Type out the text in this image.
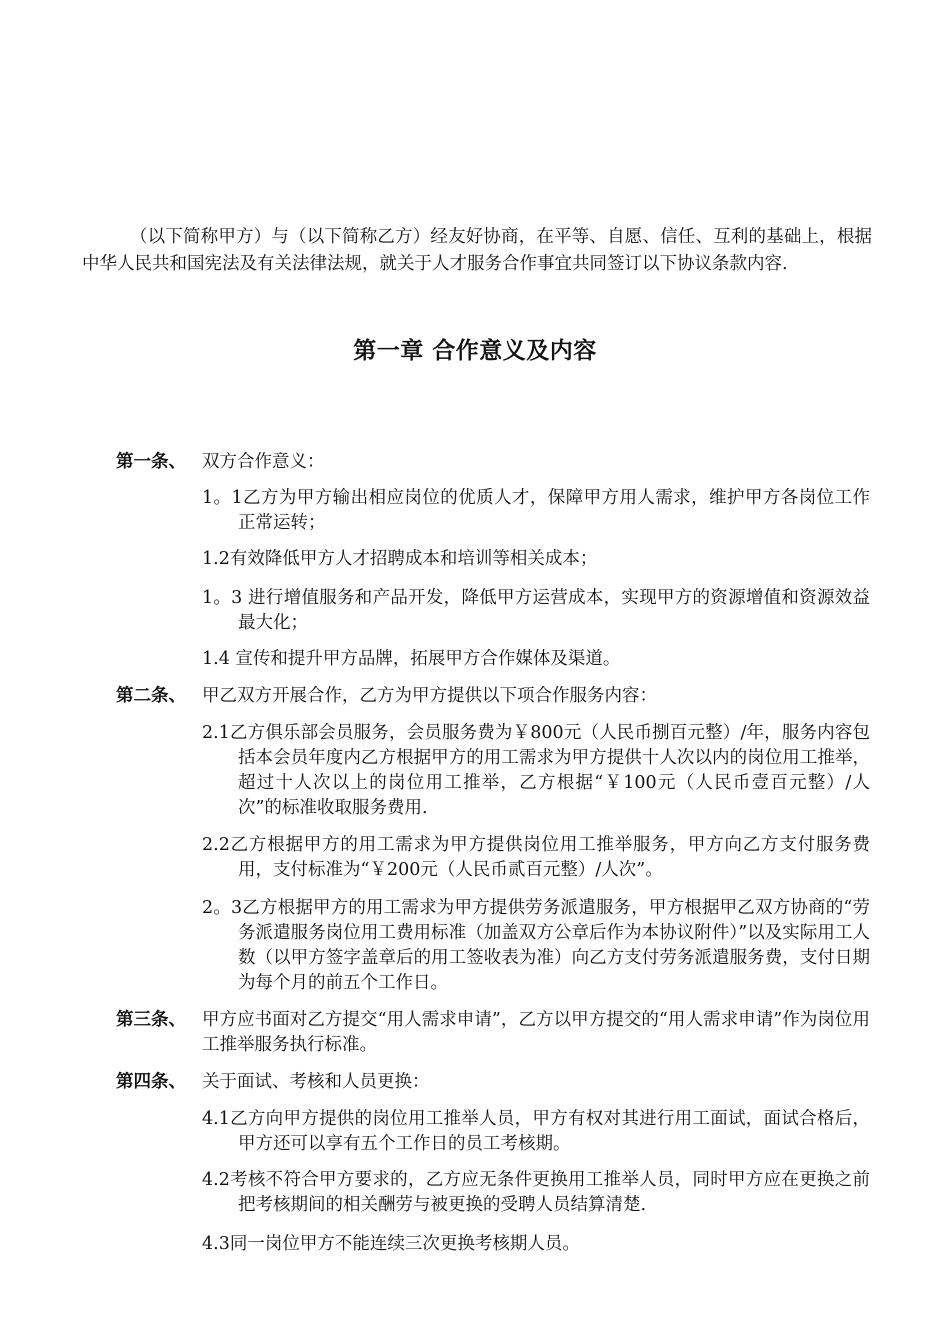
（以下简称甲方）与（以下简称乙方）经友好协商，在平等、自愿、信任、互利的基础上，根据中华人民共和国宪法及有关法律法规，就关于人才服务合作事宜共同签订以下协议条款内容.

第一章 合作意义及内容
第一条、 双方合作意义：
1。1乙方为甲方输出相应岗位的优质人才，保障甲方用人需求，维护甲方各岗位工作正常运转；
1.2有效降低甲方人才招聘成本和培训等相关成本；
1。3 进行增值服务和产品开发，降低甲方运营成本，实现甲方的资源增值和资源效益最大化；
1.4 宣传和提升甲方品牌，拓展甲方合作媒体及渠道。
第二条、 甲乙双方开展合作，乙方为甲方提供以下项合作服务内容：
2.1乙方俱乐部会员服务，会员服务费为￥800元（人民币捌百元整）/年，服务内容包括本会员年度内乙方根据甲方的用工需求为甲方提供十人次以内的岗位用工推举，超过十人次以上的岗位用工推举，乙方根据“￥100元（人民币壹百元整）/人次”的标准收取服务费用.
2.2乙方根据甲方的用工需求为甲方提供岗位用工推举服务，甲方向乙方支付服务费用，支付标准为“￥200元（人民币贰百元整）/人次”。
2。3乙方根据甲方的用工需求为甲方提供劳务派遣服务，甲方根据甲乙双方协商的“劳务派遣服务岗位用工费用标准（加盖双方公章后作为本协议附件）”以及实际用工人数（以甲方签字盖章后的用工签收表为准）向乙方支付劳务派遣服务费，支付日期为每个月的前五个工作日。
第三条、 甲方应书面对乙方提交“用人需求申请”，乙方以甲方提交的“用人需求申请”作为岗位用工推举服务执行标准。
第四条、 关于面试、考核和人员更换：
4.1乙方向甲方提供的岗位用工推举人员，甲方有权对其进行用工面试，面试合格后，甲方还可以享有五个工作日的员工考核期。
4.2考核不符合甲方要求的，乙方应无条件更换用工推举人员，同时甲方应在更换之前把考核期间的相关酬劳与被更换的受聘人员结算清楚.
4.3同一岗位甲方不能连续三次更换考核期人员。
